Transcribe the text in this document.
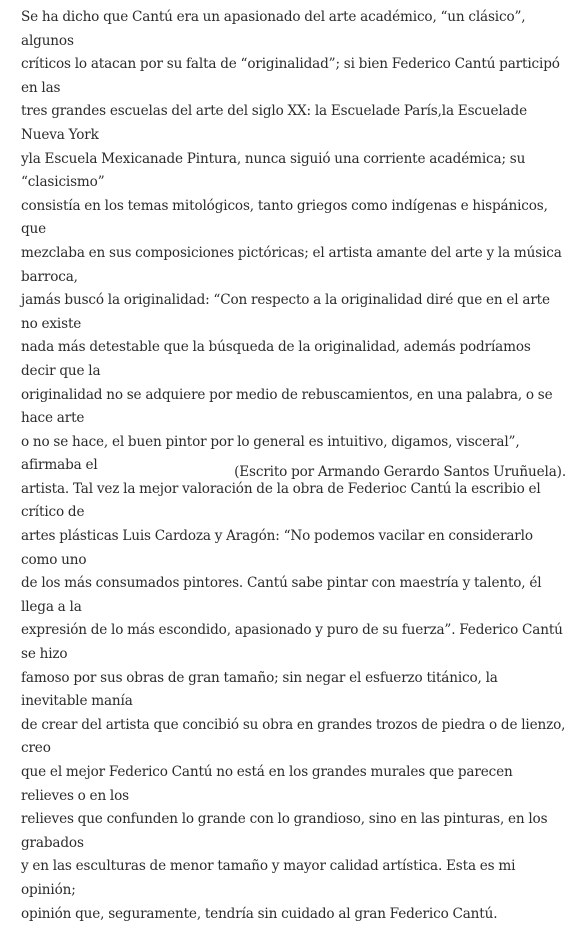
Se ha dicho que Cantú era un apasionado del arte académico, “un clásico”, algunos
críticos lo atacan por su falta de “originalidad”; si bien Federico Cantú participó en las
tres grandes escuelas del arte del siglo XX: la Escuelade París,la Escuelade Nueva York
yla Escuela Mexicanade Pintura, nunca siguió una corriente académica; su “clasicismo”
consistía en los temas mitológicos, tanto griegos como indígenas e hispánicos, que
mezclaba en sus composiciones pictóricas; el artista amante del arte y la música barroca,
jamás buscó la originalidad: “Con respecto a la originalidad diré que en el arte no existe
nada más detestable que la búsqueda de la originalidad, además podríamos decir que la
originalidad no se adquiere por medio de rebuscamientos, en una palabra, o se hace arte
o no se hace, el buen pintor por lo general es intuitivo, digamos, visceral”, afirmaba el
artista. Tal vez la mejor valoración de la obra de Federioc Cantú la escribio el crítico de
artes plásticas Luis Cardoza y Aragón: “No podemos vacilar en considerarlo como uno
de los más consumados pintores. Cantú sabe pintar con maestría y talento, él llega a la
expresión de lo más escondido, apasionado y puro de su fuerza”. Federico Cantú se hizo
famoso por sus obras de gran tamaño; sin negar el esfuerzo titánico, la inevitable manía
de crear del artista que concibió su obra en grandes trozos de piedra o de lienzo, creo
que el mejor Federico Cantú no está en los grandes murales que parecen relieves o en los
relieves que confunden lo grande con lo grandioso, sino en las pinturas, en los grabados
y en las esculturas de menor tamaño y mayor calidad artística. Esta es mi opinión;
opinión que, seguramente, tendría sin cuidado al gran Federico Cantú.

(Escrito por Armando Gerardo Santos Uruñuela).
